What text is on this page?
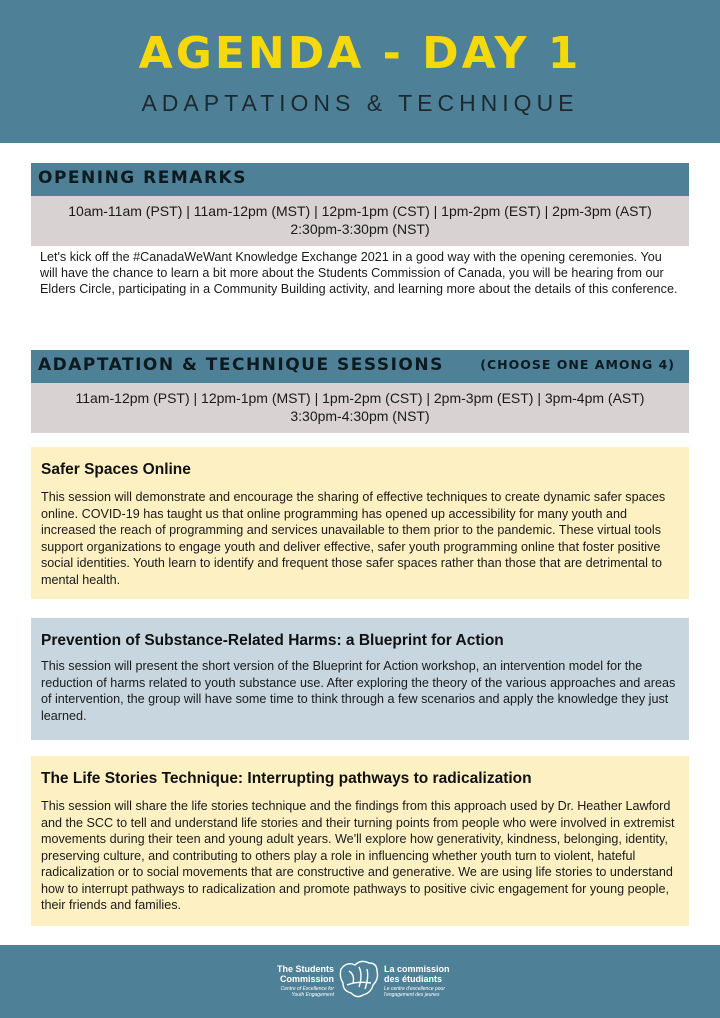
AGENDA - DAY 1
ADAPTATIONS & TECHNIQUE
OPENING REMARKS
10am-11am (PST) | 11am-12pm (MST) | 12pm-1pm (CST) | 1pm-2pm (EST) | 2pm-3pm (AST)
2:30pm-3:30pm (NST)
Let's kick off the #CanadaWeWant Knowledge Exchange 2021 in a good way with the opening ceremonies. You will have the chance to learn a bit more about the Students Commission of Canada, you will be hearing from our Elders Circle, participating in a Community Building activity, and learning more about the details of this conference.
ADAPTATION & TECHNIQUE SESSIONS	(CHOOSE ONE AMONG 4)
11am-12pm (PST) | 12pm-1pm (MST) | 1pm-2pm (CST) | 2pm-3pm (EST) | 3pm-4pm (AST)
3:30pm-4:30pm (NST)
Safer Spaces Online
This session will demonstrate and encourage the sharing of effective techniques to create dynamic safer spaces online. COVID-19 has taught us that online programming has opened up accessibility for many youth and increased the reach of programming and services unavailable to them prior to the pandemic. These virtual tools support organizations to engage youth and deliver effective, safer youth programming online that foster positive social identities. Youth learn to identify and frequent those safer spaces rather than those that are detrimental to mental health.
Prevention of Substance-Related Harms: a Blueprint for Action
This session will present the short version of the Blueprint for Action workshop, an intervention model for the reduction of harms related to youth substance use. After exploring the theory of the various approaches and areas of intervention, the group will have some time to think through a few scenarios and apply the knowledge they just learned.
The Life Stories Technique: Interrupting pathways to radicalization
This session will share the life stories technique and the findings from this approach used by Dr. Heather Lawford and the SCC to tell and understand life stories and their turning points from people who were involved in extremist movements during their teen and young adult years. We'll explore how generativity, kindness, belonging, identity, preserving culture, and contributing to others play a role in influencing whether youth turn to violent, hateful radicalization or to social movements that are constructive and generative. We are using life stories to understand how to interrupt pathways to radicalization and promote pathways to positive civic engagement for young people, their friends and families.
The Students
Commission
Centre of Excellence for Youth Engagement
La commission
des étudiants
Le centre d'excellence pour l'engagement des jeunes
